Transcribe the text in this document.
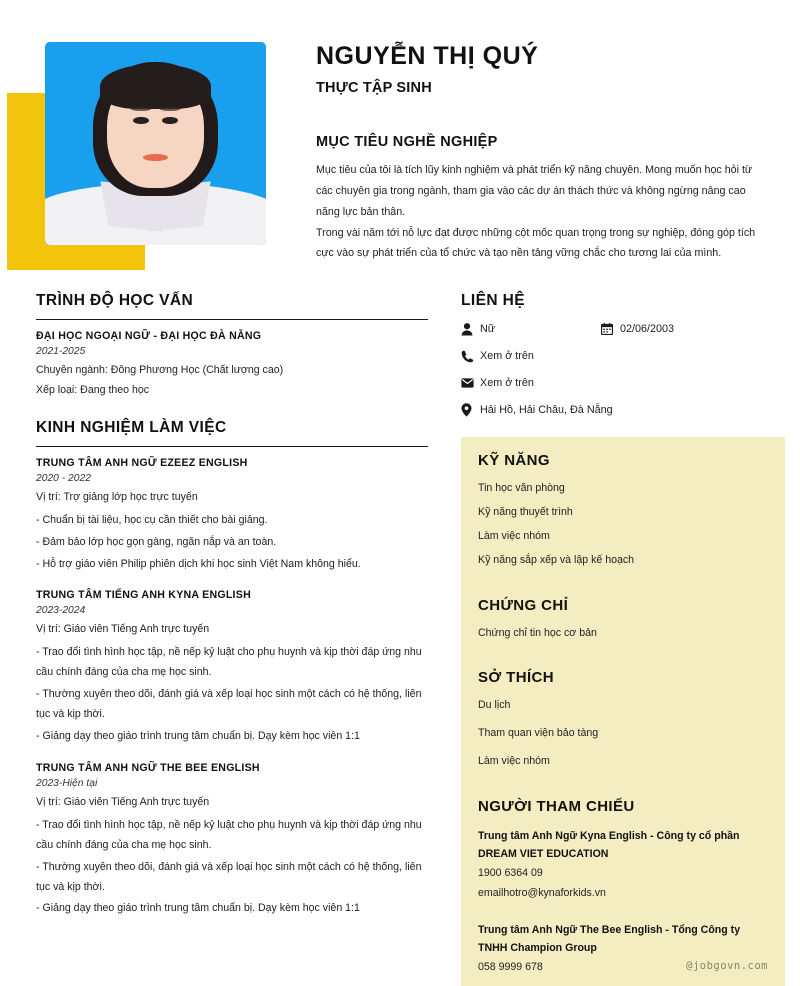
NGUYỄN THỊ QUÝ
THỰC TẬP SINH
MỤC TIÊU NGHỀ NGHIỆP

Mục tiêu của tôi là tích lũy kinh nghiệm và phát triển kỹ năng chuyên. Mong muốn học hỏi từ các chuyên gia trong ngành, tham gia vào các dự án thách thức và không ngừng nâng cao năng lực bản thân.

Trong vài năm tới nỗ lực đạt được những cột mốc quan trọng trong sự nghiệp, đóng góp tích cực vào sự phát triển của tổ chức và tạo nền tảng vững chắc cho tương lai của mình.

TRÌNH ĐỘ HỌC VẤN
ĐẠI HỌC NGOẠI NGỮ - ĐẠI HỌC ĐÀ NẴNG
2021-2025
Chuyên ngành: Đông Phương Học (Chất lượng cao)
Xếp loại: Đang theo học
KINH NGHIỆM LÀM VIỆC
TRUNG TÂM ANH NGỮ EZEEZ ENGLISH
2020 - 2022
Vị trí: Trợ giảng lớp học trực tuyến
- Chuẩn bị tài liệu, học cụ cần thiết cho bài giảng.
- Đảm bảo lớp học gọn gàng, ngăn nắp và an toàn.
- Hỗ trợ giáo viên Philip phiên dịch khi học sinh Việt Nam không hiểu.
TRUNG TÂM TIẾNG ANH KYNA ENGLISH
2023-2024
Vị trí: Giáo viên Tiếng Anh trực tuyến
- Trao đổi tình hình học tập, nề nếp kỷ luật cho phụ huynh và kịp thời đáp ứng nhu cầu chính đáng của cha mẹ học sinh.
- Thường xuyên theo dõi, đánh giá và xếp loại học sinh một cách có hệ thống, liên tục và kịp thời.
- Giảng dạy theo giáo trình trung tâm chuẩn bị. Dạy kèm học viên 1:1
TRUNG TÂM ANH NGỮ THE BEE ENGLISH
2023-Hiện tại
Vị trí: Giáo viên Tiếng Anh trực tuyến
- Trao đổi tình hình học tập, nề nếp kỷ luật cho phụ huynh và kịp thời đáp ứng nhu cầu chính đáng của cha mẹ học sinh.
- Thường xuyên theo dõi, đánh giá và xếp loại học sinh một cách có hệ thống, liên tục và kịp thời.
- Giảng dạy theo giáo trình trung tâm chuẩn bị. Dạy kèm học viên 1:1
LIÊN HỆ
Nữ	02/06/2003
Xem ở trên
Xem ở trên
Hải Hồ, Hải Châu, Đà Nẵng
KỸ NĂNG
Tin học văn phòng
Kỹ năng thuyết trình
Làm việc nhóm
Kỹ năng sắp xếp và lập kế hoạch
CHỨNG CHỈ
Chứng chỉ tin học cơ bản
SỞ THÍCH
Du lịch
Tham quan viện bảo tàng
Làm việc nhóm
NGƯỜI THAM CHIẾU
Trung tâm Anh Ngữ Kyna English - Công ty cổ phần
DREAM VIET EDUCATION
1900 6364 09
emailhotro@kynaforkids.vn
Trung tâm Anh Ngữ The Bee English - Tổng Công ty
TNHH Champion Group
058 9999 678	@jobgovn.com
